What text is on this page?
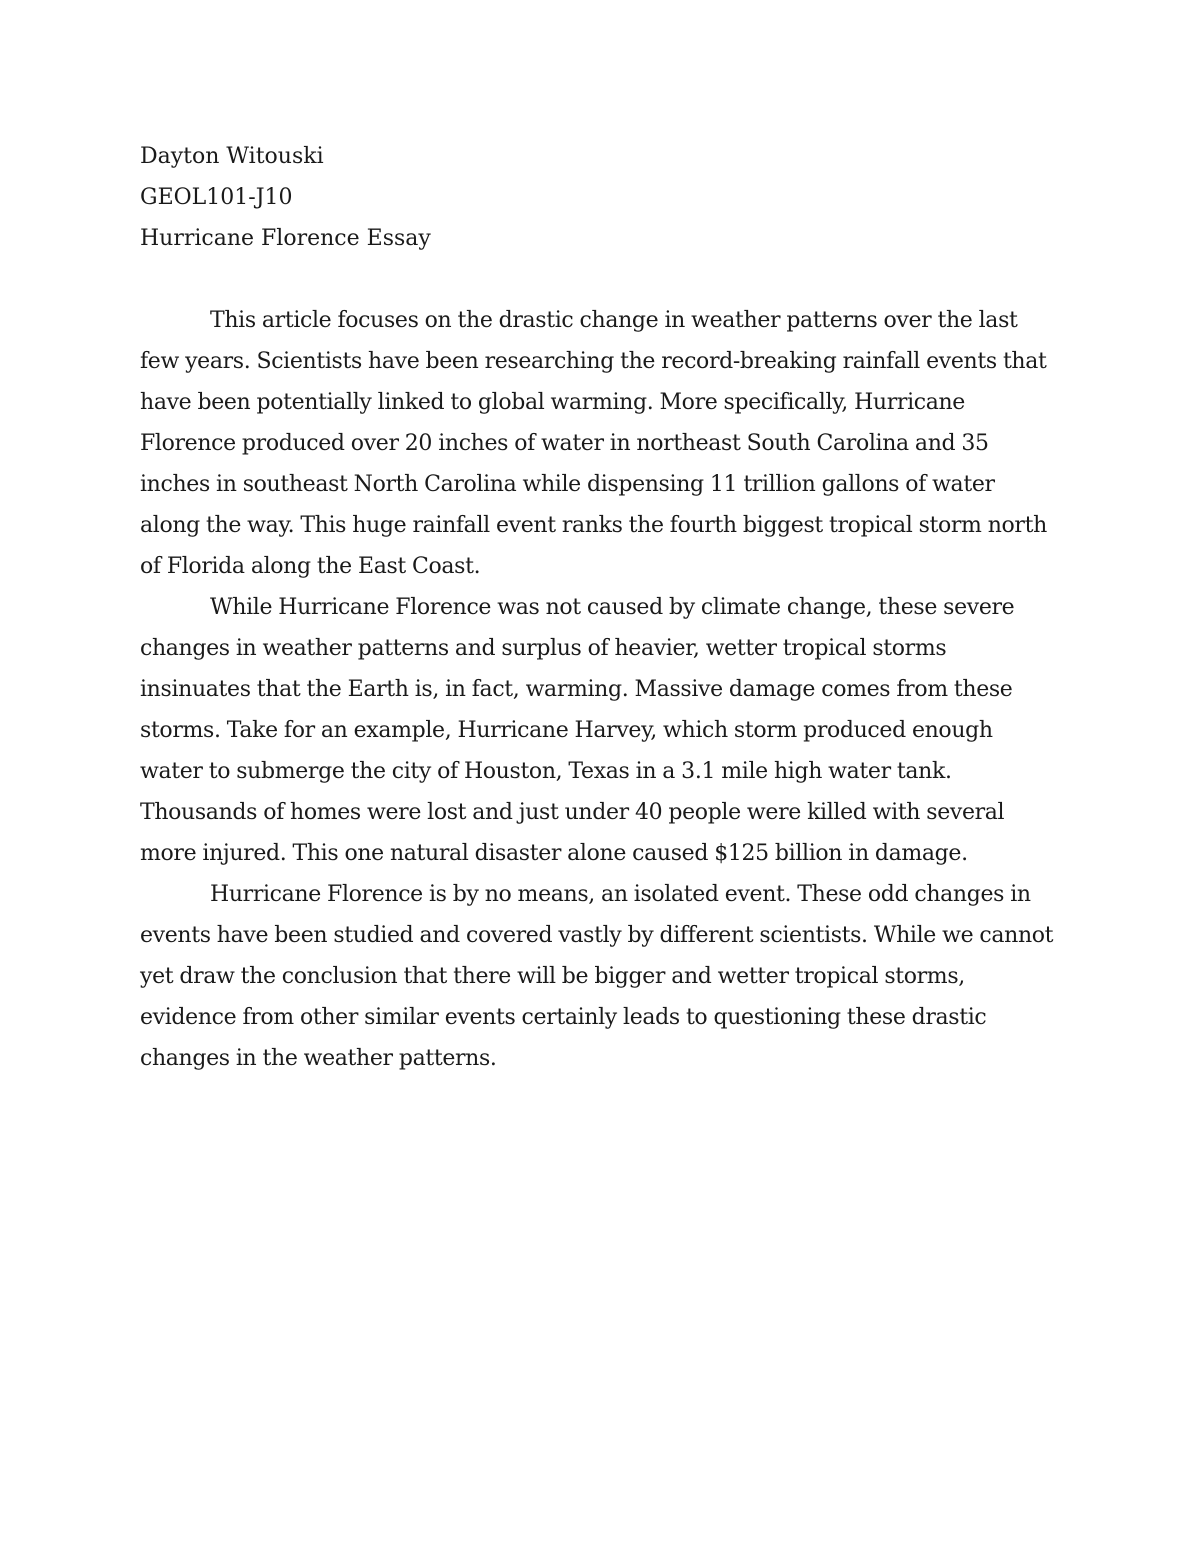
Dayton Witouski

GEOL101-J10

Hurricane Florence Essay

This article focuses on the drastic change in weather patterns over the last few years. Scientists have been researching the record-breaking rainfall events that have been potentially linked to global warming. More specifically, Hurricane Florence produced over 20 inches of water in northeast South Carolina and 35 inches in southeast North Carolina while dispensing 11 trillion gallons of water along the way. This huge rainfall event ranks the fourth biggest tropical storm north of Florida along the East Coast.

While Hurricane Florence was not caused by climate change, these severe changes in weather patterns and surplus of heavier, wetter tropical storms insinuates that the Earth is, in fact, warming. Massive damage comes from these storms. Take for an example, Hurricane Harvey, which storm produced enough water to submerge the city of Houston, Texas in a 3.1 mile high water tank. Thousands of homes were lost and just under 40 people were killed with several more injured. This one natural disaster alone caused $125 billion in damage.

Hurricane Florence is by no means, an isolated event. These odd changes in events have been studied and covered vastly by different scientists. While we cannot yet draw the conclusion that there will be bigger and wetter tropical storms, evidence from other similar events certainly leads to questioning these drastic changes in the weather patterns.
